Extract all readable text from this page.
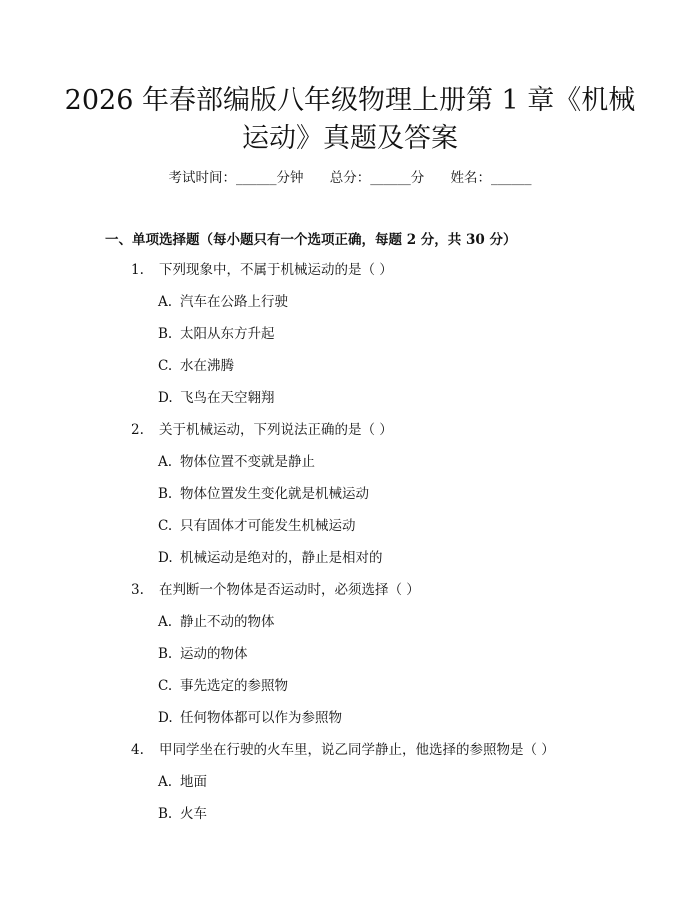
2026 年春部编版八年级物理上册第 1 章《机械运动》真题及答案
考试时间：______分钟 总分：______分 姓名：______
一、单项选择题（每小题只有一个选项正确，每题 2 分，共 30 分）
1. 下列现象中，不属于机械运动的是（ ）
A. 汽车在公路上行驶
B. 太阳从东方升起
C. 水在沸腾
D. 飞鸟在天空翱翔
2. 关于机械运动，下列说法正确的是（ ）
A. 物体位置不变就是静止
B. 物体位置发生变化就是机械运动
C. 只有固体才可能发生机械运动
D. 机械运动是绝对的，静止是相对的
3. 在判断一个物体是否运动时，必须选择（ ）
A. 静止不动的物体
B. 运动的物体
C. 事先选定的参照物
D. 任何物体都可以作为参照物
4. 甲同学坐在行驶的火车里，说乙同学静止，他选择的参照物是（ ）
A. 地面
B. 火车
